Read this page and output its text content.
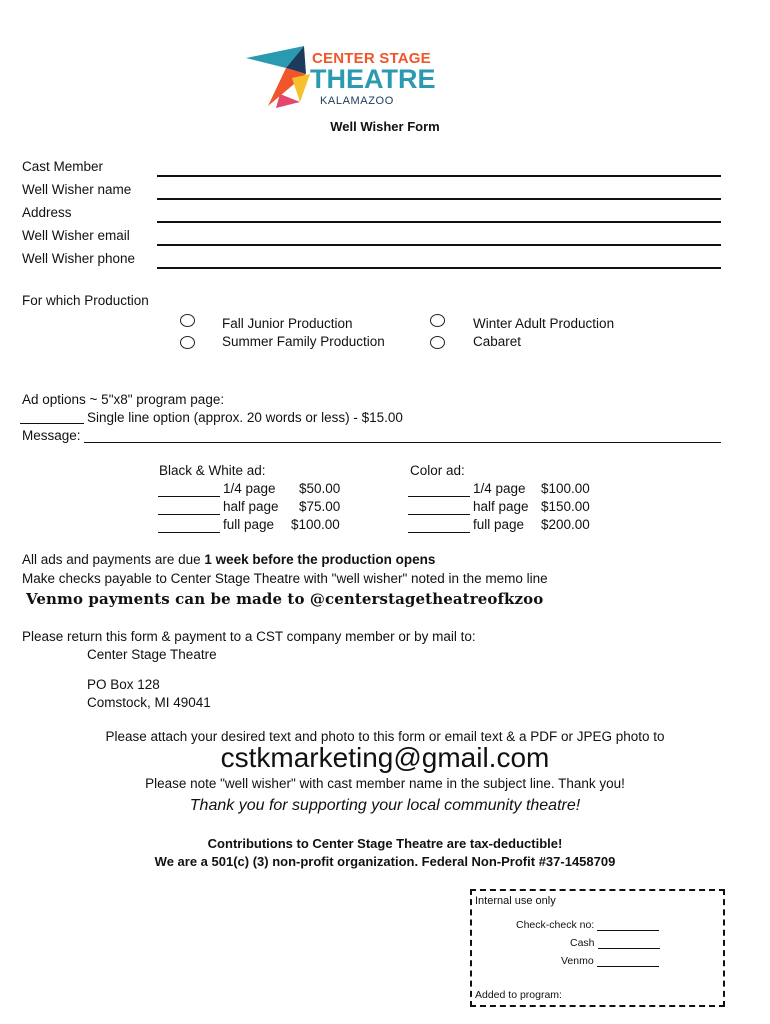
CENTER STAGE
THEATRE
KALAMAZOO
Well Wisher Form
Cast Member
Well Wisher name
Address
Well Wisher email
Well Wisher phone
For which Production
Fall Junior Production
Summer Family Production
Winter Adult Production
Cabaret
Ad options ~ 5"x8" program page:
Single line option (approx. 20 words or less) - $15.00
Message:
Black & White ad:
1/4 page $50.00
half page $75.00
full page $100.00
Color ad:
1/4 page $100.00
half page $150.00
full page $200.00
All ads and payments are due 1 week before the production opens
Make checks payable to Center Stage Theatre with "well wisher" noted in the memo line
Venmo payments can be made to @centerstagetheatreofkzoo
Please return this form & payment to a CST company member or by mail to:
Center Stage Theatre
PO Box 128
Comstock, MI 49041
Please attach your desired text and photo to this form or email text & a PDF or JPEG photo to
cstkmarketing@gmail.com
Please note "well wisher" with cast member name in the subject line. Thank you!
Thank you for supporting your local community theatre!
Contributions to Center Stage Theatre are tax-deductible!
We are a 501(c) (3) non-profit organization. Federal Non-Profit #37-1458709
Internal use only
Check-check no:
Cash
Venmo
Added to program:
